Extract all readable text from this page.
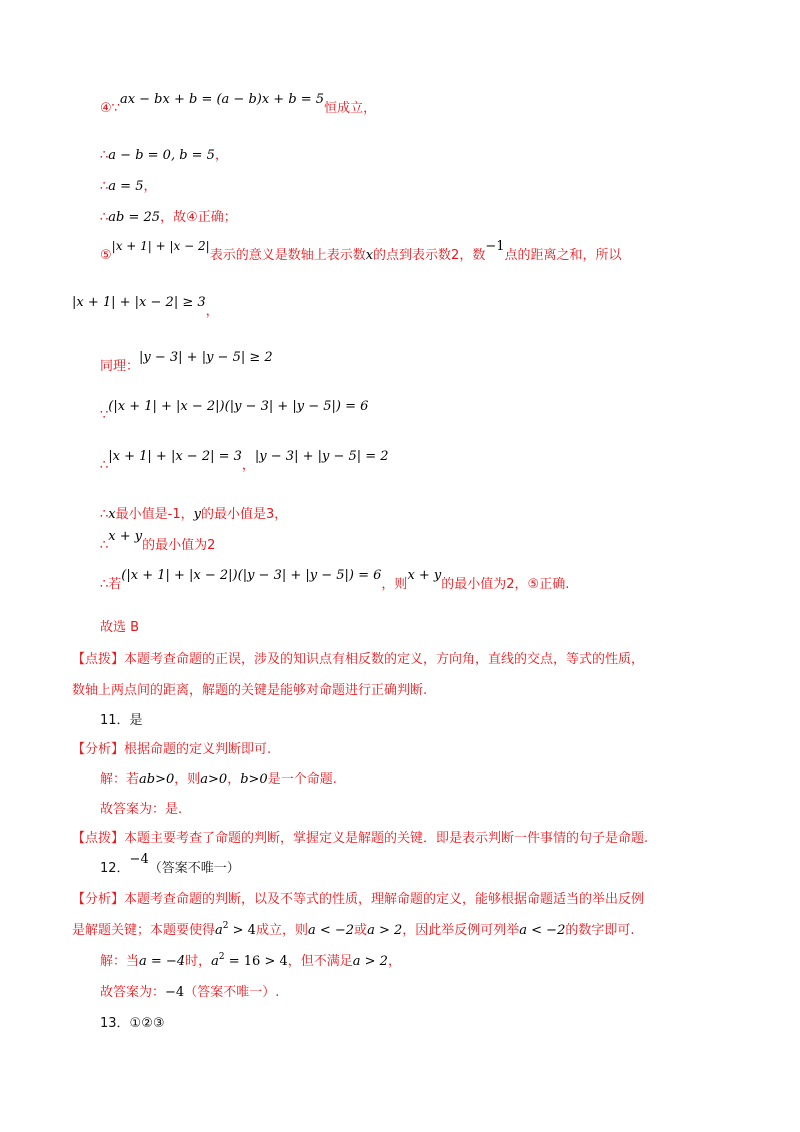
④∵ax − bx + b = (a − b)x + b = 5恒成立，
∴a − b = 0, b = 5，
∴a = 5，
∴ab = 25，故④正确；
⑤|x + 1| + |x − 2|表示的意义是数轴上表示数x的点到表示数2，数−1点的距离之和，所以
|x + 1| + |x − 2| ≥ 3，
同理：|y − 3| + |y − 5| ≥ 2
∵(|x + 1| + |x − 2|)(|y − 3| + |y − 5|) = 6
∴|x + 1| + |x − 2| = 3，|y − 3| + |y − 5| = 2
∴x最小值是-1，y的最小值是3，
∴x + y的最小值为2
∴若(|x + 1| + |x − 2|)(|y − 3| + |y − 5|) = 6，则x + y的最小值为2，⑤正确.
故选 B
【点拨】本题考查命题的正误，涉及的知识点有相反数的定义，方向角，直线的交点，等式的性质，
数轴上两点间的距离，解题的关键是能够对命题进行正确判断.
11．是
【分析】根据命题的定义判断即可.
解：若ab>0，则a>0，b>0是一个命题.
故答案为：是.
【点拨】本题主要考查了命题的判断，掌握定义是解题的关键．即是表示判断一件事情的句子是命题.
12．−4（答案不唯一）
【分析】本题考查命题的判断，以及不等式的性质，理解命题的定义，能够根据命题适当的举出反例
是解题关键；本题要使得$a^2 > 4$成立，则a < −2或a > 2，因此举反例可列举a < −2的数字即可.
解：当a = −4时，$a^2 = 16 > 4$，但不满足a > 2，
故答案为：−4（答案不唯一）.
13．①②③
